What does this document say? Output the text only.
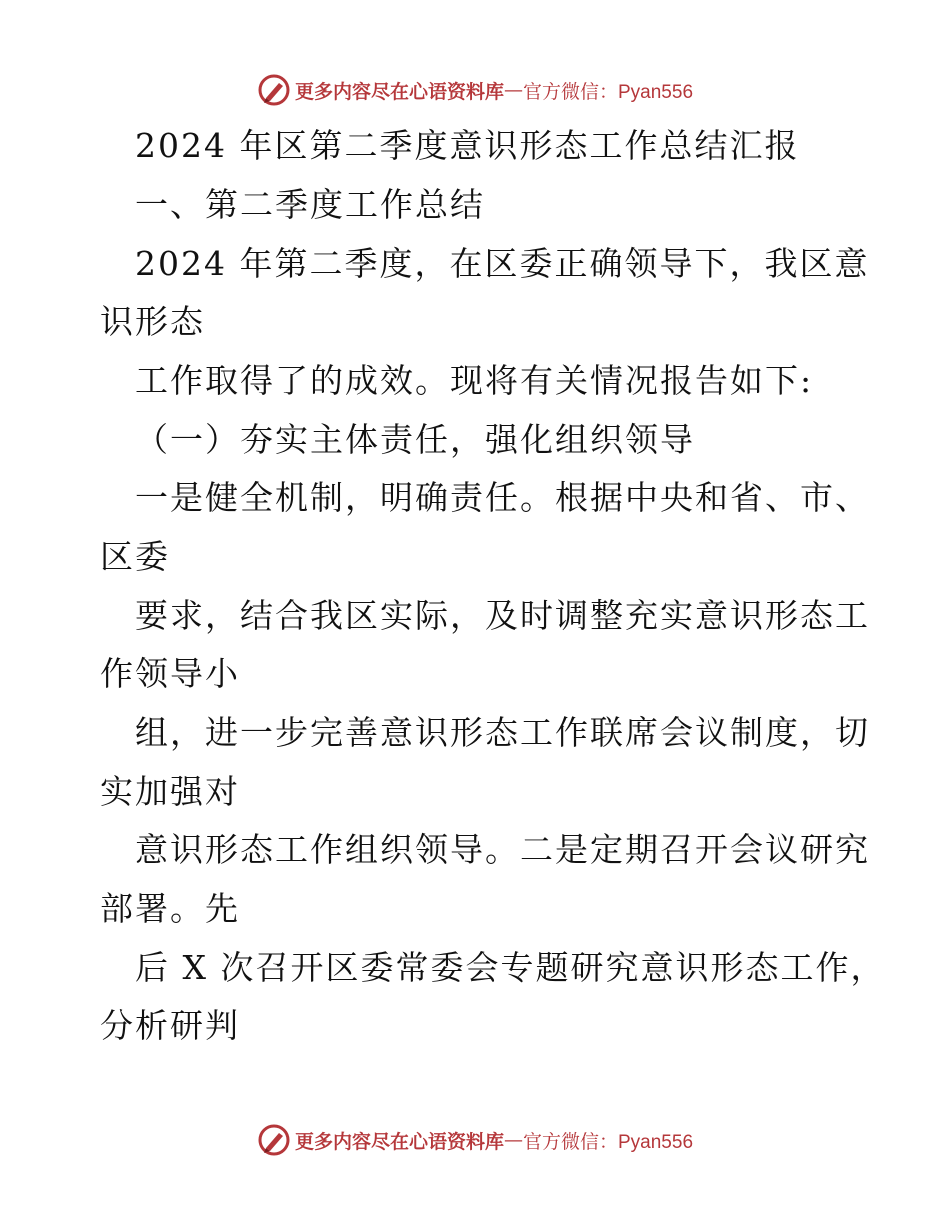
更多内容尽在心语资料库 — 官方微信：Pyan556

2024 年区第二季度意识形态工作总结汇报

一、第二季度工作总结

2024 年第二季度，在区委正确领导下，我区意

识形态

工作取得了的成效。现将有关情况报告如下:

（一）夯实主体责任，强化组织领导

一是健全机制，明确责任。根据中央和省、市、

区委

要求，结合我区实际，及时调整充实意识形态工

作领导小

组，进一步完善意识形态工作联席会议制度，切

实加强对

意识形态工作组织领导。二是定期召开会议研究

部署。先

后 X 次召开区委常委会专题研究意识形态工作，

分析研判

更多内容尽在心语资料库 — 官方微信：Pyan556
